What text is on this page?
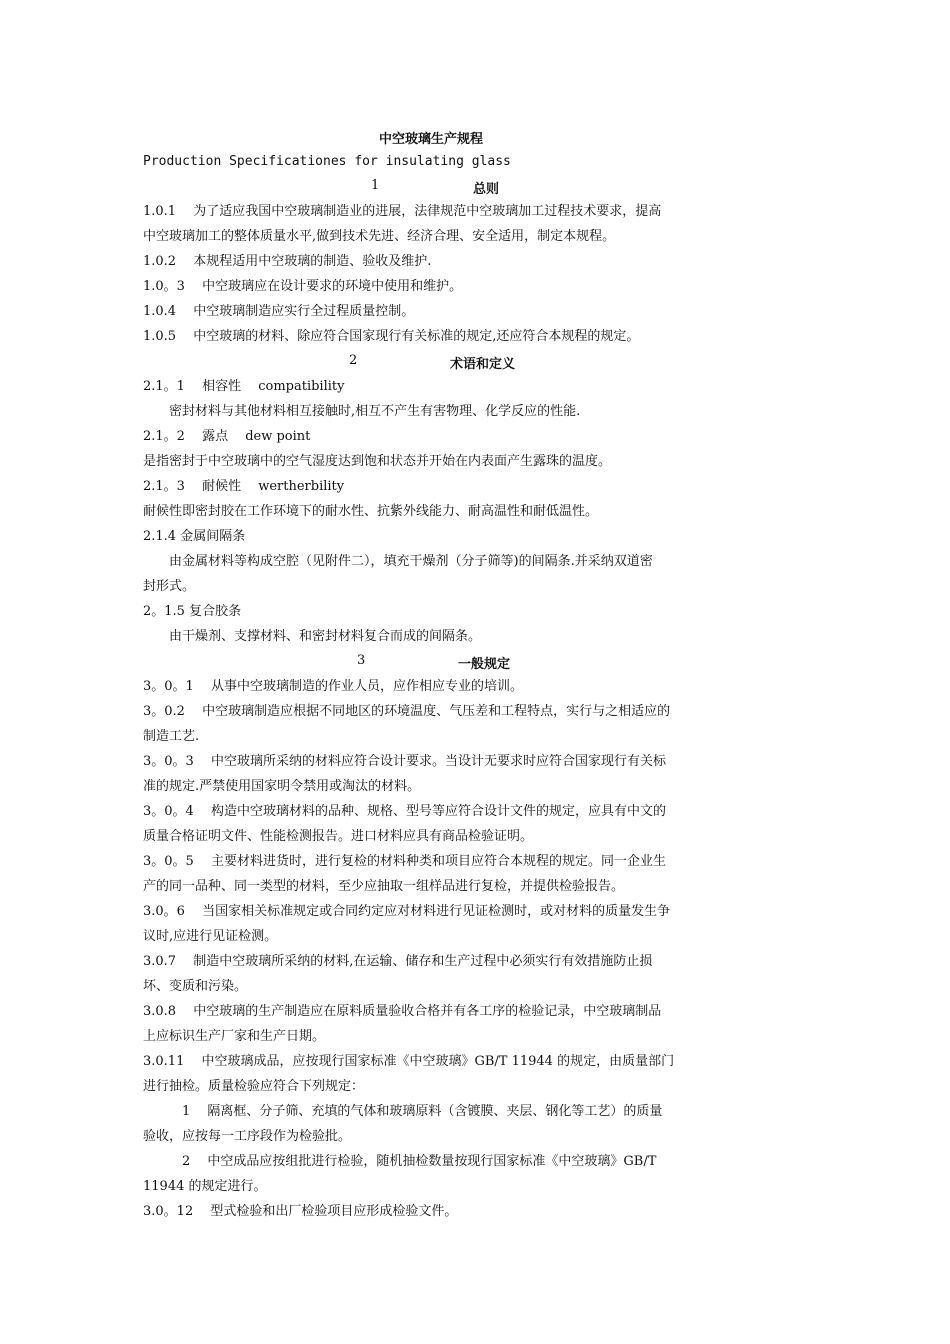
中空玻璃生产规程
Production Specificationes for insulating glass
1	总则
1.0.1　 为了适应我国中空玻璃制造业的进展，法律规范中空玻璃加工过程技术要求，提高
中空玻璃加工的整体质量水平,做到技术先进、经济合理、安全适用，制定本规程。
1.0.2　 本规程适用中空玻璃的制造、验收及维护.
1.0。3　 中空玻璃应在设计要求的环境中使用和维护。
1.0.4　 中空玻璃制造应实行全过程质量控制。
1.0.5　 中空玻璃的材料、除应符合国家现行有关标准的规定,还应符合本规程的规定。
2	术语和定义
2.1。1　 相容性　 compatibility
　　密封材料与其他材料相互接触时,相互不产生有害物理、化学反应的性能.
2.1。2　 露点　 dew point
是指密封于中空玻璃中的空气湿度达到饱和状态并开始在内表面产生露珠的温度。
2.1。3　 耐候性　 wertherbility
耐候性即密封胶在工作环境下的耐水性、抗紫外线能力、耐高温性和耐低温性。
2.1.4 金属间隔条
　　由金属材料等构成空腔（见附件二），填充干燥剂（分子筛等)的间隔条.并采纳双道密
封形式。
2。1.5 复合胶条
　　由干燥剂、支撑材料、和密封材料复合而成的间隔条。
3	一般规定
3。0。1　 从事中空玻璃制造的作业人员，应作相应专业的培训。
3。0.2　 中空玻璃制造应根据不同地区的环境温度、气压差和工程特点，实行与之相适应的
制造工艺.
3。0。3　 中空玻璃所采纳的材料应符合设计要求。当设计无要求时应符合国家现行有关标
准的规定.严禁使用国家明令禁用或淘汰的材料。
3。0。4　 构造中空玻璃材料的品种、规格、型号等应符合设计文件的规定，应具有中文的
质量合格证明文件、性能检测报告。进口材料应具有商品检验证明。
3。0。5　 主要材料进货时，进行复检的材料种类和项目应符合本规程的规定。同一企业生
产的同一品种、同一类型的材料，至少应抽取一组样品进行复检，并提供检验报告。
3.0。6　 当国家相关标准规定或合同约定应对材料进行见证检测时，或对材料的质量发生争
议时,应进行见证检测。
3.0.7　 制造中空玻璃所采纳的材料,在运输、储存和生产过程中必须实行有效措施防止损
坏、变质和污染。
3.0.8　 中空玻璃的生产制造应在原料质量验收合格并有各工序的检验记录，中空玻璃制品
上应标识生产厂家和生产日期。
3.0.11　 中空玻璃成品，应按现行国家标准《中空玻璃》GB/T 11944 的规定，由质量部门
进行抽检。质量检验应符合下列规定：
　　　1　 隔离框、分子筛、充填的气体和玻璃原料（含镀膜、夹层、钢化等工艺）的质量
验收，应按每一工序段作为检验批。
　　　2　 中空成品应按组批进行检验，随机抽检数量按现行国家标准《中空玻璃》GB/T
11944 的规定进行。
3.0。12　 型式检验和出厂检验项目应形成检验文件。
